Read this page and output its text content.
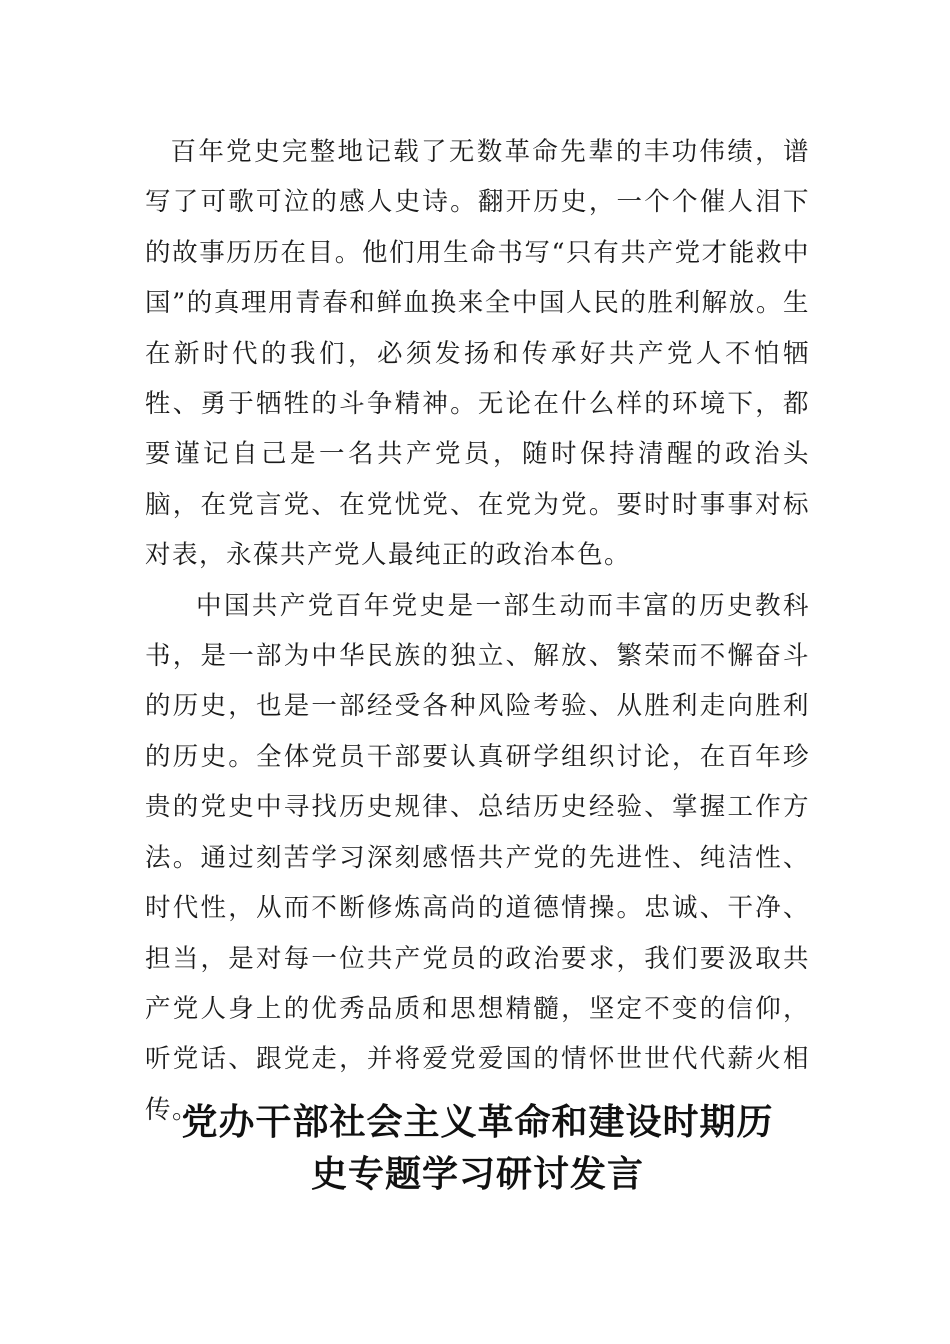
百年党史完整地记载了无数革命先辈的丰功伟绩，谱写了可歌可泣的感人史诗。翻开历史，一个个催人泪下的故事历历在目。他们用生命书写“只有共产党才能救中国”的真理用青春和鲜血换来全中国人民的胜利解放。生在新时代的我们，必须发扬和传承好共产党人不怕牺牲、勇于牺牲的斗争精神。无论在什么样的环境下，都要谨记自己是一名共产党员，随时保持清醒的政治头脑，在党言党、在党忧党、在党为党。要时时事事对标对表，永葆共产党人最纯正的政治本色。

中国共产党百年党史是一部生动而丰富的历史教科书，是一部为中华民族的独立、解放、繁荣而不懈奋斗的历史，也是一部经受各种风险考验、从胜利走向胜利的历史。全体党员干部要认真研学组织讨论，在百年珍贵的党史中寻找历史规律、总结历史经验、掌握工作方法。通过刻苦学习深刻感悟共产党的先进性、纯洁性、时代性，从而不断修炼高尚的道德情操。忠诚、干净、担当，是对每一位共产党员的政治要求，我们要汲取共产党人身上的优秀品质和思想精髓，坚定不变的信仰，听党话、跟党走，并将爱党爱国的情怀世世代代薪火相传。

党办干部社会主义革命和建设时期历
史专题学习研讨发言
